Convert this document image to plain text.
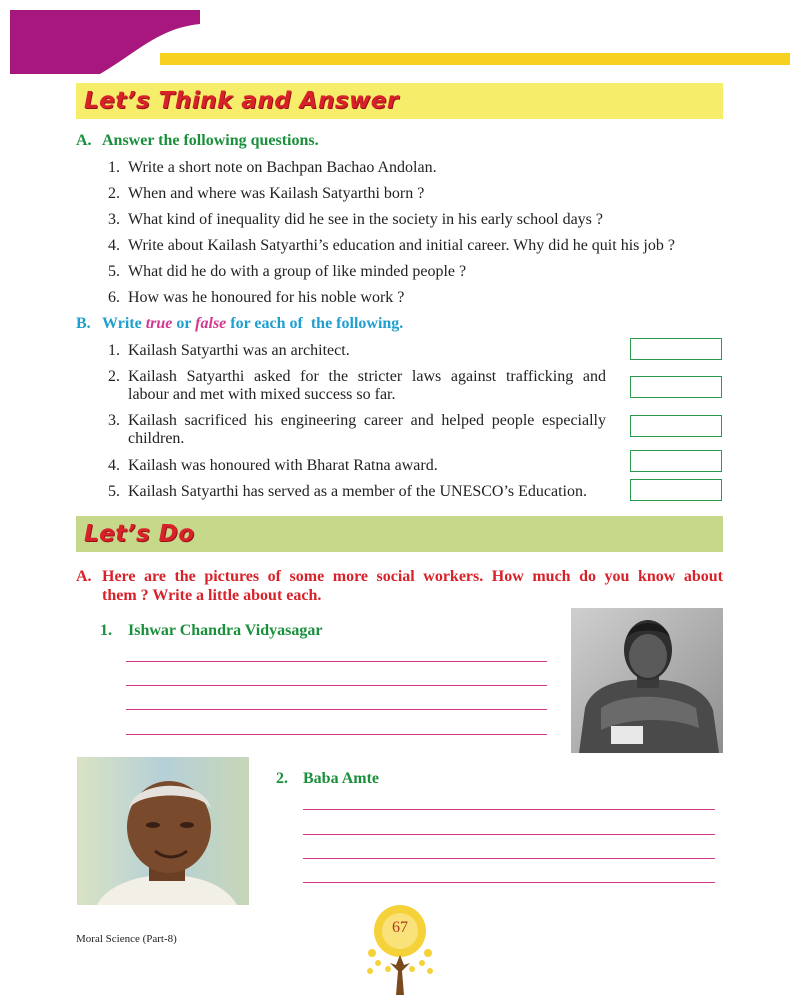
Let’s Think and Answer
A. Answer the following questions.
1. Write a short note on Bachpan Bachao Andolan.
2. When and where was Kailash Satyarthi born ?
3. What kind of inequality did he see in the society in his early school days ?
4. Write about Kailash Satyarthi’s education and initial career. Why did he quit his job ?
5. What did he do with a group of like minded people ?
6. How was he honoured for his noble work ?
B. Write true or false for each of  the following.
1. Kailash Satyarthi was an architect.
2. Kailash Satyarthi asked for the stricter laws against trafficking and
labour and met with mixed success so far.
3. Kailash sacrificed his engineering career and helped people especially
children.
4. Kailash was honoured with Bharat Ratna award.
5. Kailash Satyarthi has served as a member of the UNESCO’s Education.
Let’s Do
A. Here are the pictures of some more social workers. How much do you know about
them ? Write a little about each.
1. Ishwar Chandra Vidyasagar
2. Baba Amte
Moral Science (Part-8)
67
